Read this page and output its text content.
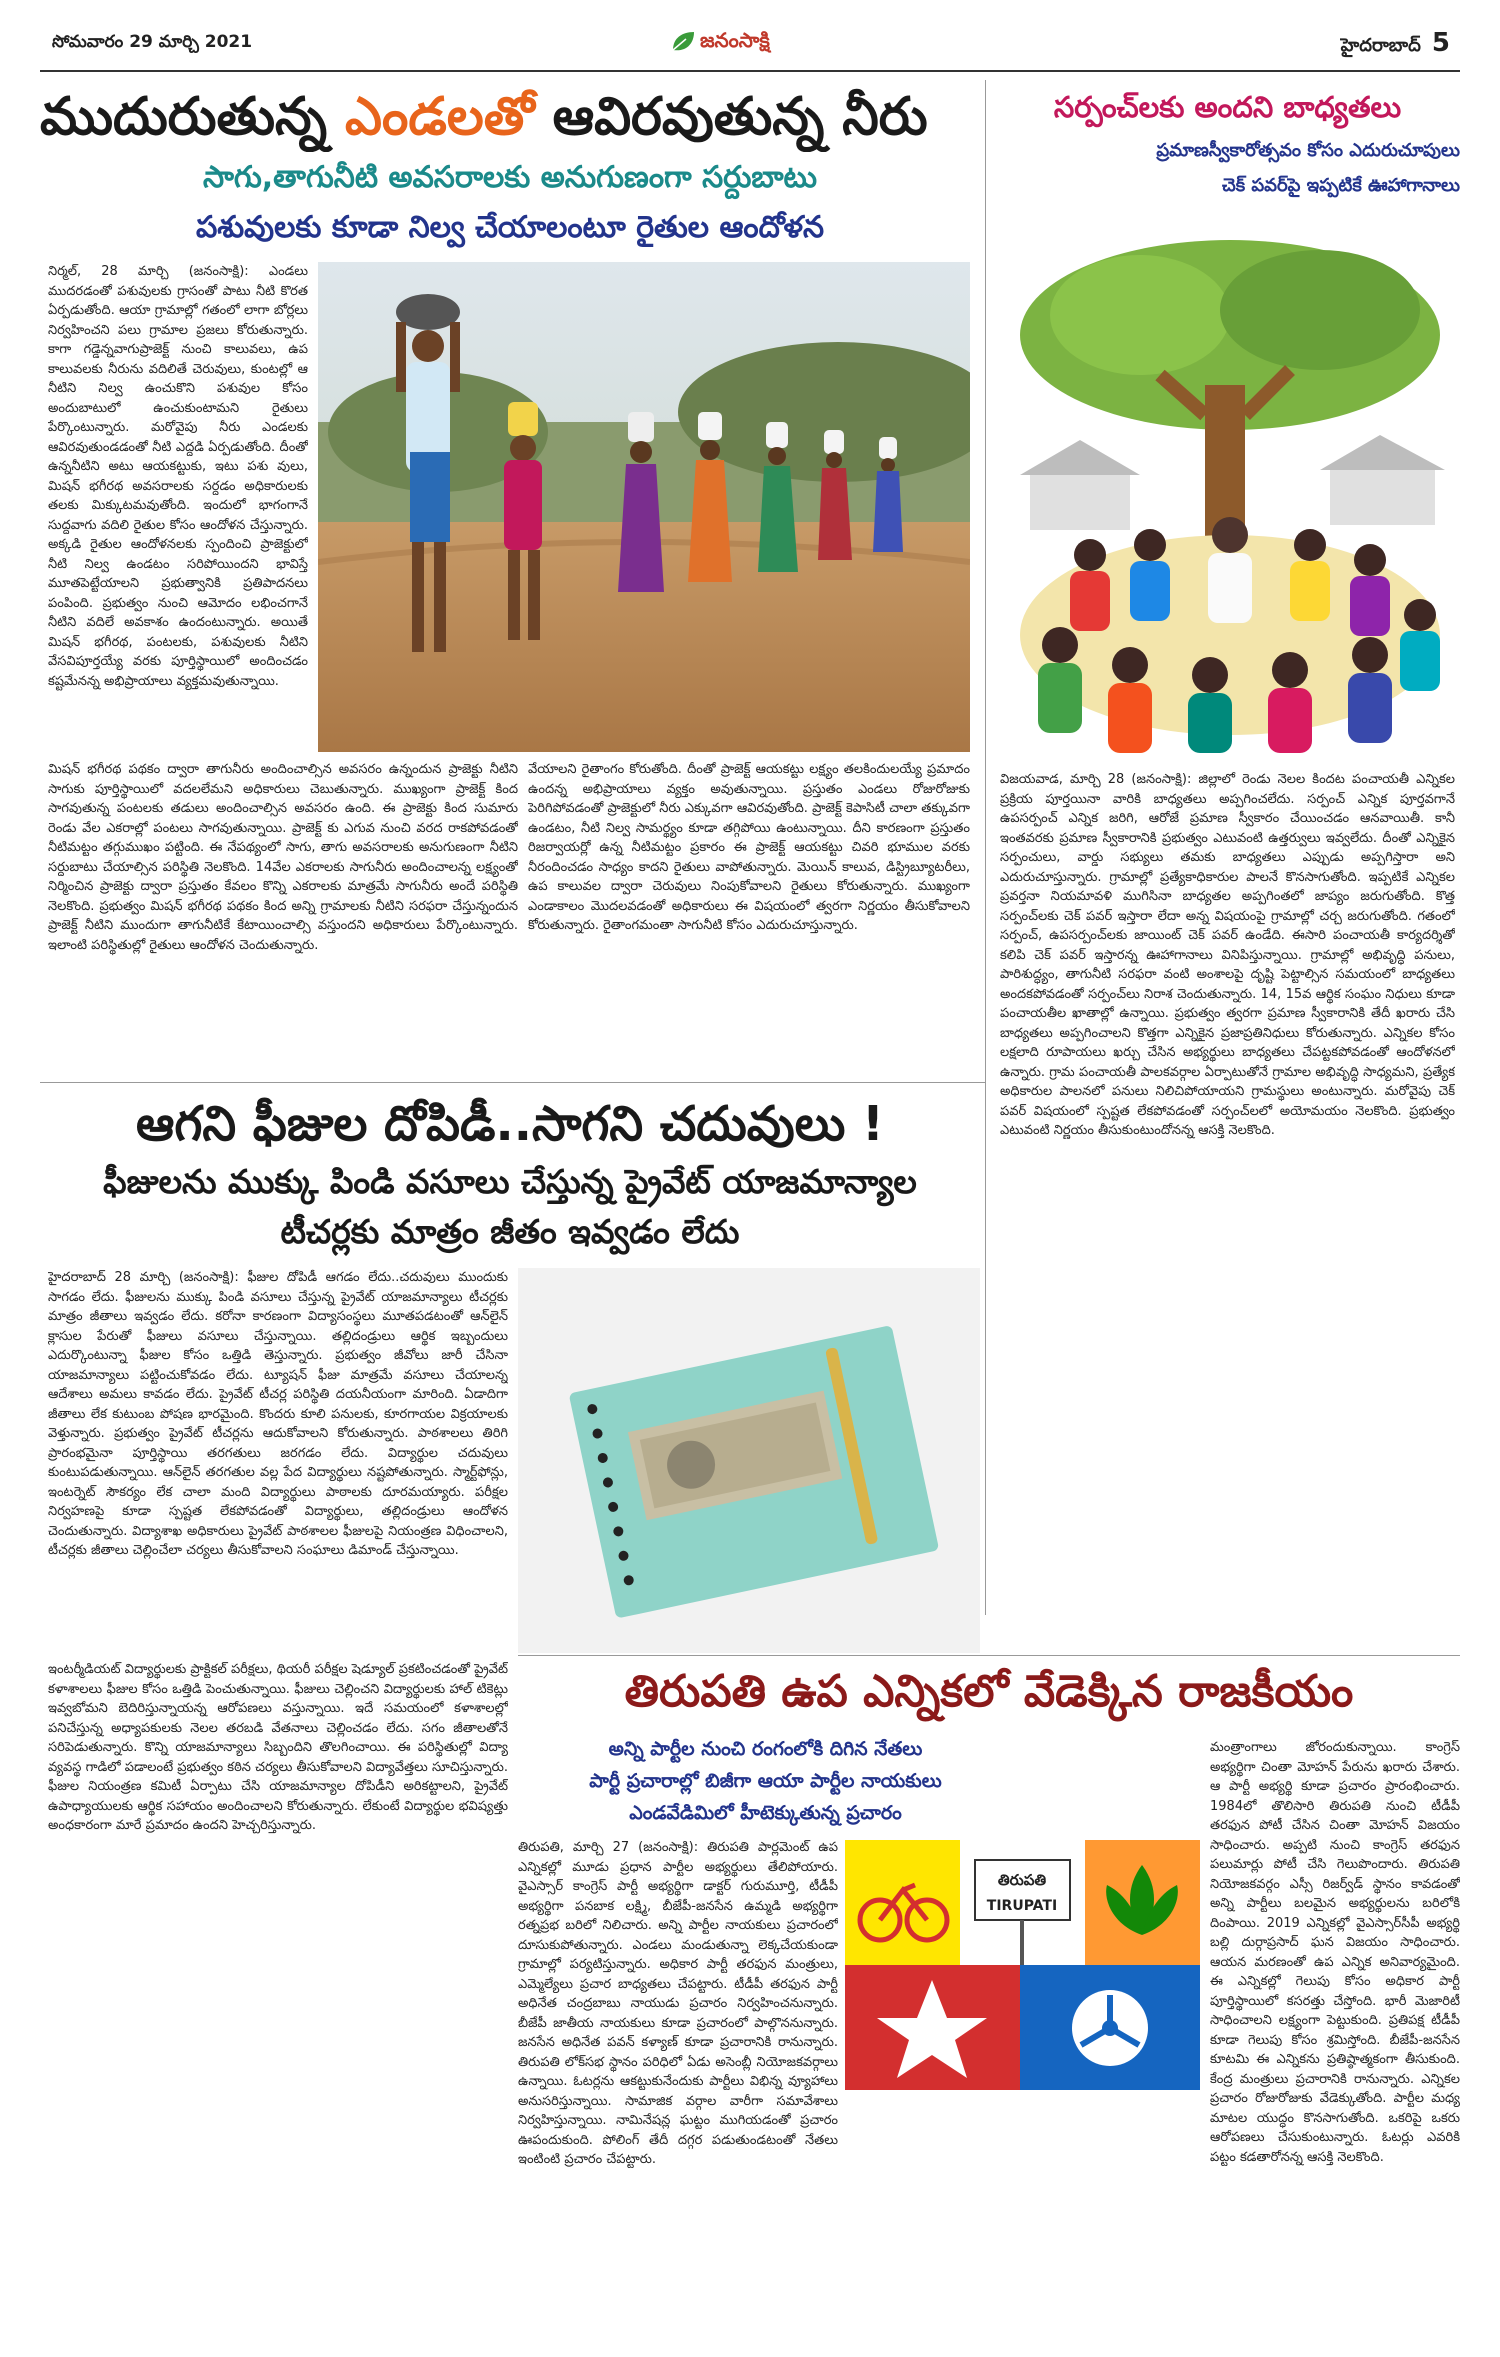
సోమవారం 29 మార్చి 2021	జనంసాక్షి	హైదరాబాద్ 5
ముదురుతున్న ఎండలతో ఆవిరవుతున్న నీరు
సాగు,తాగునీటి అవసరాలకు అనుగుణంగా సర్దుబాటు
పశువులకు కూడా నిల్వ చేయాలంటూ రైతుల ఆందోళన
నిర్మల్, 28 మార్చి (జనంసాక్షి): ఎండలు ముదరడంతో పశువులకు గ్రాసంతో పాటు నీటి కొరత ఏర్పడుతోంది. ఆయా గ్రామాల్లో గతంలో లాగా బోర్లలు నిర్వహించని పలు గ్రామాల ప్రజలు కోరుతున్నారు. కాగా గడ్డెన్నవాగుప్రాజెక్ట్ నుంచి కాలువలు, ఉప కాలువలకు నీరును వదిలితే చెరువులు, కుంటల్లో ఆ నీటిని నిల్వ ఉంచుకొని పశువుల కోసం అందుబాటులో ఉంచుకుంటామని రైతులు పేర్కొంటున్నారు. మరోవైపు నీరు ఎండలకు ఆవిరవుతుండడంతో నీటి ఎద్దడి ఏర్పడుతోంది. దీంతో ఉన్ననీటిని అటు ఆయకట్టుకు, ఇటు పశు వులు, మిషన్ భగీరథ అవసరాలకు సర్దడం అధికారులకు తలకు మిక్కుటమవుతోంది. ఇందులో భాగంగానే సుద్దవాగు వదిలి రైతుల కోసం ఆందోళన చేస్తున్నారు. అక్కడి రైతుల ఆందోళనలకు స్పందించి ప్రాజెక్టులో నీటి నిల్వ ఉండటం సరిపోయిందని భావిస్తే మూతపెట్టేయాలని ప్రభుత్వానికి ప్రతిపాదనలు పంపింది. ప్రభుత్వం నుంచి ఆమోదం లభించగానే నీటిని వదిలే అవకాశం ఉందంటున్నారు. అయితే మిషన్ భగీరథ, పంటలకు, పశువులకు నీటిని వేసవిపూర్తయ్యే వరకు పూర్తిస్థాయిలో అందించడం కష్టమేనన్న అభిప్రాయాలు వ్యక్తమవుతున్నాయి.
మిషన్ భగీరథ పథకం ద్వారా తాగునీరు అందించాల్సిన అవసరం ఉన్నందున ప్రాజెక్టు నీటిని సాగుకు పూర్తిస్థాయిలో వదలలేమని అధికారులు చెబుతున్నారు. ముఖ్యంగా ప్రాజెక్ట్ కింద సాగవుతున్న పంటలకు తడులు అందించాల్సిన అవసరం ఉంది. ఈ ప్రాజెక్టు కింద సుమారు రెండు వేల ఎకరాల్లో పంటలు సాగవుతున్నాయి. ప్రాజెక్ట్ కు ఎగువ నుంచి వరద రాకపోవడంతో నీటిమట్టం తగ్గుముఖం పట్టింది. ఈ నేపథ్యంలో సాగు, తాగు అవసరాలకు అనుగుణంగా నీటిని సర్దుబాటు చేయాల్సిన పరిస్థితి నెలకొంది. 14వేల ఎకరాలకు సాగునీరు అందించాలన్న లక్ష్యంతో నిర్మించిన ప్రాజెక్టు ద్వారా ప్రస్తుతం కేవలం కొన్ని ఎకరాలకు మాత్రమే సాగునీరు అందే పరిస్థితి నెలకొంది. ప్రభుత్వం మిషన్ భగీరథ పథకం కింద అన్ని గ్రామాలకు నీటిని సరఫరా చేస్తున్నందున ప్రాజెక్ట్ నీటిని ముందుగా తాగునీటికే కేటాయించాల్సి వస్తుందని అధికారులు పేర్కొంటున్నారు. ఇలాంటి పరిస్థితుల్లో రైతులు ఆందోళన చెందుతున్నారు.
వేయాలని రైతాంగం కోరుతోంది. దీంతో ప్రాజెక్ట్ ఆయకట్టు లక్ష్యం తలకిందులయ్యే ప్రమాదం ఉందన్న అభిప్రాయాలు వ్యక్తం అవుతున్నాయి. ప్రస్తుతం ఎండలు రోజురోజుకు పెరిగిపోవడంతో ప్రాజెక్టులో నీరు ఎక్కువగా ఆవిరవుతోంది. ప్రాజెక్ట్ కెపాసిటీ చాలా తక్కువగా ఉండటం, నీటి నిల్వ సామర్థ్యం కూడా తగ్గిపోయి ఉంటున్నాయి. దీని కారణంగా ప్రస్తుతం రిజర్వాయర్లో ఉన్న నీటిమట్టం ప్రకారం ఈ ప్రాజెక్ట్ ఆయకట్టు చివరి భూముల వరకు నీరందించడం సాధ్యం కాదని రైతులు వాపోతున్నారు. మెయిన్ కాలువ, డిస్ట్రిబ్యూటరీలు, ఉప కాలువల ద్వారా చెరువులు నింపుకోవాలని రైతులు కోరుతున్నారు. ముఖ్యంగా ఎండాకాలం మొదలవడంతో అధికారులు ఈ విషయంలో త్వరగా నిర్ణయం తీసుకోవాలని కోరుతున్నారు. రైతాంగమంతా సాగునీటి కోసం ఎదురుచూస్తున్నారు.
సర్పంచ్‌లకు అందని బాధ్యతలు
ప్రమాణస్వీకారోత్సవం కోసం ఎదురుచూపులు
చెక్ పవర్‌పై ఇప్పటికే ఊహాగానాలు
విజయవాడ, మార్చి 28 (జనంసాక్షి): జిల్లాలో రెండు నెలల కిందట పంచాయతీ ఎన్నికల ప్రక్రియ పూర్తయినా వారికి బాధ్యతలు అప్పగించలేదు. సర్పంచ్ ఎన్నిక పూర్తవగానే ఉపసర్పంచ్ ఎన్నిక జరిగి, ఆరోజే ప్రమాణ స్వీకారం చేయించడం ఆనవాయితీ. కానీ ఇంతవరకు ప్రమాణ స్వీకారానికి ప్రభుత్వం ఎటువంటి ఉత్తర్వులు ఇవ్వలేదు. దీంతో ఎన్నికైన సర్పంచులు, వార్డు సభ్యులు తమకు బాధ్యతలు ఎప్పుడు అప్పగిస్తారా అని ఎదురుచూస్తున్నారు. గ్రామాల్లో ప్రత్యేకాధికారుల పాలనే కొనసాగుతోంది. ఇప్పటికే ఎన్నికల ప్రవర్తనా నియమావళి ముగిసినా బాధ్యతల అప్పగింతలో జాప్యం జరుగుతోంది. కొత్త సర్పంచ్‌లకు చెక్ పవర్ ఇస్తారా లేదా అన్న విషయంపై గ్రామాల్లో చర్చ జరుగుతోంది. గతంలో సర్పంచ్, ఉపసర్పంచ్‌లకు జాయింట్ చెక్ పవర్ ఉండేది. ఈసారి పంచాయతీ కార్యదర్శితో కలిపి చెక్ పవర్ ఇస్తారన్న ఊహాగానాలు వినిపిస్తున్నాయి. గ్రామాల్లో అభివృద్ధి పనులు, పారిశుద్ధ్యం, తాగునీటి సరఫరా వంటి అంశాలపై దృష్టి పెట్టాల్సిన సమయంలో బాధ్యతలు అందకపోవడంతో సర్పంచ్‌లు నిరాశ చెందుతున్నారు. 14, 15వ ఆర్థిక సంఘం నిధులు కూడా పంచాయతీల ఖాతాల్లో ఉన్నాయి. ప్రభుత్వం త్వరగా ప్రమాణ స్వీకారానికి తేదీ ఖరారు చేసి బాధ్యతలు అప్పగించాలని కొత్తగా ఎన్నికైన ప్రజాప్రతినిధులు కోరుతున్నారు. ఎన్నికల కోసం లక్షలాది రూపాయలు ఖర్చు చేసిన అభ్యర్థులు బాధ్యతలు చేపట్టకపోవడంతో ఆందోళనలో ఉన్నారు. గ్రామ పంచాయతీ పాలకవర్గాల ఏర్పాటుతోనే గ్రామాల అభివృద్ధి సాధ్యమని, ప్రత్యేక అధికారుల పాలనలో పనులు నిలిచిపోయాయని గ్రామస్థులు అంటున్నారు. మరోవైపు చెక్ పవర్ విషయంలో స్పష్టత లేకపోవడంతో సర్పంచ్‌లలో అయోమయం నెలకొంది. ప్రభుత్వం ఎటువంటి నిర్ణయం తీసుకుంటుందోనన్న ఆసక్తి నెలకొంది.
ఆగని ఫీజుల దోపిడీ..సాగని చదువులు !
ఫీజులను ముక్కు పిండి వసూలు చేస్తున్న ప్రైవేట్ యాజమాన్యాల
టీచర్లకు మాత్రం జీతం ఇవ్వడం లేదు
హైదరాబాద్ 28 మార్చి (జనంసాక్షి): ఫీజుల దోపిడీ ఆగడం లేదు..చదువులు ముందుకు సాగడం లేదు. ఫీజులను ముక్కు పిండి వసూలు చేస్తున్న ప్రైవేట్ యాజమాన్యాలు టీచర్లకు మాత్రం జీతాలు ఇవ్వడం లేదు. కరోనా కారణంగా విద్యాసంస్థలు మూతపడటంతో ఆన్‌లైన్ క్లాసుల పేరుతో ఫీజులు వసూలు చేస్తున్నాయి. తల్లిదండ్రులు ఆర్థిక ఇబ్బందులు ఎదుర్కొంటున్నా ఫీజుల కోసం ఒత్తిడి తెస్తున్నారు. ప్రభుత్వం జీవోలు జారీ చేసినా యాజమాన్యాలు పట్టించుకోవడం లేదు. ట్యూషన్ ఫీజు మాత్రమే వసూలు చేయాలన్న ఆదేశాలు అమలు కావడం లేదు. ప్రైవేట్ టీచర్ల పరిస్థితి దయనీయంగా మారింది. ఏడాదిగా జీతాలు లేక కుటుంబ పోషణ భారమైంది. కొందరు కూలి పనులకు, కూరగాయల విక్రయాలకు వెళ్తున్నారు. ప్రభుత్వం ప్రైవేట్ టీచర్లను ఆదుకోవాలని కోరుతున్నారు. పాఠశాలలు తిరిగి ప్రారంభమైనా పూర్తిస్థాయి తరగతులు జరగడం లేదు. విద్యార్థుల చదువులు కుంటుపడుతున్నాయి. ఆన్‌లైన్ తరగతుల వల్ల పేద విద్యార్థులు నష్టపోతున్నారు. స్మార్ట్‌ఫోన్లు, ఇంటర్నెట్ సౌకర్యం లేక చాలా మంది విద్యార్థులు పాఠాలకు దూరమయ్యారు. పరీక్షల నిర్వహణపై కూడా స్పష్టత లేకపోవడంతో విద్యార్థులు, తల్లిదండ్రులు ఆందోళన చెందుతున్నారు. విద్యాశాఖ అధికారులు ప్రైవేట్ పాఠశాలల ఫీజులపై నియంత్రణ విధించాలని, టీచర్లకు జీతాలు చెల్లించేలా చర్యలు తీసుకోవాలని సంఘాలు డిమాండ్ చేస్తున్నాయి.
ఇంటర్మీడియట్ విద్యార్థులకు ప్రాక్టికల్ పరీక్షలు, థియరీ పరీక్షల షెడ్యూల్ ప్రకటించడంతో ప్రైవేట్ కళాశాలలు ఫీజుల కోసం ఒత్తిడి పెంచుతున్నాయి. ఫీజులు చెల్లించని విద్యార్థులకు హాల్ టికెట్లు ఇవ్వబోమని బెదిరిస్తున్నాయన్న ఆరోపణలు వస్తున్నాయి. ఇదే సమయంలో కళాశాలల్లో పనిచేస్తున్న అధ్యాపకులకు నెలల తరబడి వేతనాలు చెల్లించడం లేదు. సగం జీతాలతోనే సరిపెడుతున్నారు. కొన్ని యాజమాన్యాలు సిబ్బందిని తొలగించాయి. ఈ పరిస్థితుల్లో విద్యా వ్యవస్థ గాడిలో పడాలంటే ప్రభుత్వం కఠిన చర్యలు తీసుకోవాలని విద్యావేత్తలు సూచిస్తున్నారు. ఫీజుల నియంత్రణ కమిటీ ఏర్పాటు చేసి యాజమాన్యాల దోపిడీని అరికట్టాలని, ప్రైవేట్ ఉపాధ్యాయులకు ఆర్థిక సహాయం అందించాలని కోరుతున్నారు. లేకుంటే విద్యార్థుల భవిష్యత్తు అంధకారంగా మారే ప్రమాదం ఉందని హెచ్చరిస్తున్నారు.
తిరుపతి ఉప ఎన్నికలో వేడెక్కిన రాజకీయం
అన్ని పార్టీల నుంచి రంగంలోకి దిగిన నేతలు
పార్టీ ప్రచారాల్లో బిజీగా ఆయా పార్టీల నాయకులు
ఎండవేడిమిలో హీటెక్కుతున్న ప్రచారం
తిరుపతి, మార్చి 27 (జనంసాక్షి): తిరుపతి పార్లమెంట్ ఉప ఎన్నికల్లో మూడు ప్రధాన పార్టీల అభ్యర్థులు తేలిపోయారు. వైఎస్సార్ కాంగ్రెస్ పార్టీ అభ్యర్థిగా డాక్టర్ గురుమూర్తి, టీడీపీ అభ్యర్థిగా పనబాక లక్ష్మి, బీజేపీ-జనసేన ఉమ్మడి అభ్యర్థిగా రత్నప్రభ బరిలో నిలిచారు. అన్ని పార్టీల నాయకులు ప్రచారంలో దూసుకుపోతున్నారు. ఎండలు మండుతున్నా లెక్కచేయకుండా గ్రామాల్లో పర్యటిస్తున్నారు. అధికార పార్టీ తరఫున మంత్రులు, ఎమ్మెల్యేలు ప్రచార బాధ్యతలు చేపట్టారు. టీడీపీ తరఫున పార్టీ అధినేత చంద్రబాబు నాయుడు ప్రచారం నిర్వహించనున్నారు. బీజేపీ జాతీయ నాయకులు కూడా ప్రచారంలో పాల్గొననున్నారు. జనసేన అధినేత పవన్ కళ్యాణ్ కూడా ప్రచారానికి రానున్నారు. తిరుపతి లోక్‌సభ స్థానం పరిధిలో ఏడు అసెంబ్లీ నియోజకవర్గాలు ఉన్నాయి. ఓటర్లను ఆకట్టుకునేందుకు పార్టీలు విభిన్న వ్యూహాలు అనుసరిస్తున్నాయి. సామాజిక వర్గాల వారీగా సమావేశాలు నిర్వహిస్తున్నాయి. నామినేషన్ల ఘట్టం ముగియడంతో ప్రచారం ఊపందుకుంది. పోలింగ్ తేదీ దగ్గర పడుతుండటంతో నేతలు ఇంటింటి ప్రచారం చేపట్టారు.
తిరుపతి
TIRUPATI
మంత్రాంగాలు జోరందుకున్నాయి. కాంగ్రెస్ అభ్యర్థిగా చింతా మోహన్ పేరును ఖరారు చేశారు. ఆ పార్టీ అభ్యర్థి కూడా ప్రచారం ప్రారంభించారు. 1984లో తొలిసారి తిరుపతి నుంచి టీడీపీ తరఫున పోటీ చేసిన చింతా మోహన్ విజయం సాధించారు. అప్పటి నుంచి కాంగ్రెస్ తరఫున పలుమార్లు పోటీ చేసి గెలుపొందారు. తిరుపతి నియోజకవర్గం ఎస్సీ రిజర్వ్‌డ్ స్థానం కావడంతో అన్ని పార్టీలు బలమైన అభ్యర్థులను బరిలోకి దింపాయి. 2019 ఎన్నికల్లో వైఎస్సార్‌సీపీ అభ్యర్థి బల్లి దుర్గాప్రసాద్ ఘన విజయం సాధించారు. ఆయన మరణంతో ఉప ఎన్నిక అనివార్యమైంది. ఈ ఎన్నికల్లో గెలుపు కోసం అధికార పార్టీ పూర్తిస్థాయిలో కసరత్తు చేస్తోంది. భారీ మెజారిటీ సాధించాలని లక్ష్యంగా పెట్టుకుంది. ప్రతిపక్ష టీడీపీ కూడా గెలుపు కోసం శ్రమిస్తోంది. బీజేపీ-జనసేన కూటమి ఈ ఎన్నికను ప్రతిష్ఠాత్మకంగా తీసుకుంది. కేంద్ర మంత్రులు ప్రచారానికి రానున్నారు. ఎన్నికల ప్రచారం రోజురోజుకు వేడెక్కుతోంది. పార్టీల మధ్య మాటల యుద్ధం కొనసాగుతోంది. ఒకరిపై ఒకరు ఆరోపణలు చేసుకుంటున్నారు. ఓటర్లు ఎవరికి పట్టం కడతారోనన్న ఆసక్తి నెలకొంది.
